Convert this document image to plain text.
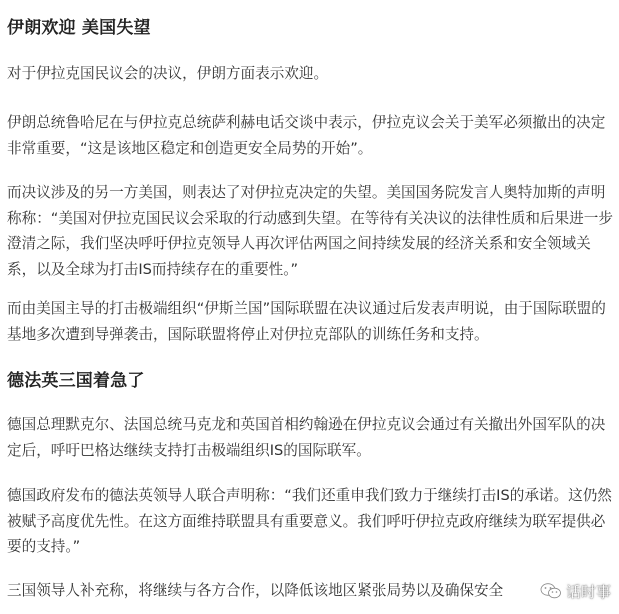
伊朗欢迎 美国失望

对于伊拉克国民议会的决议，伊朗方面表示欢迎。

伊朗总统鲁哈尼在与伊拉克总统萨利赫电话交谈中表示，伊拉克议会关于美军必须撤出的决定非常重要，“这是该地区稳定和创造更安全局势的开始”。

而决议涉及的另一方美国，则表达了对伊拉克决定的失望。美国国务院发言人奥特加斯的声明称称：“美国对伊拉克国民议会采取的行动感到失望。在等待有关决议的法律性质和后果进一步澄清之际，我们坚决呼吁伊拉克领导人再次评估两国之间持续发展的经济关系和安全领域关系，以及全球为打击IS而持续存在的重要性。”

而由美国主导的打击极端组织“伊斯兰国”国际联盟在决议通过后发表声明说，由于国际联盟的基地多次遭到导弹袭击，国际联盟将停止对伊拉克部队的训练任务和支持。

德法英三国着急了

德国总理默克尔、法国总统马克龙和英国首相约翰逊在伊拉克议会通过有关撤出外国军队的决定后，呼吁巴格达继续支持打击极端组织IS的国际联军。

德国政府发布的德法英领导人联合声明称：“我们还重申我们致力于继续打击IS的承诺。这仍然被赋予高度优先性。在这方面维持联盟具有重要意义。我们呼吁伊拉克政府继续为联军提供必要的支持。”

三国领导人补充称，将继续与各方合作，以降低该地区紧张局势以及确保安全	话时事
